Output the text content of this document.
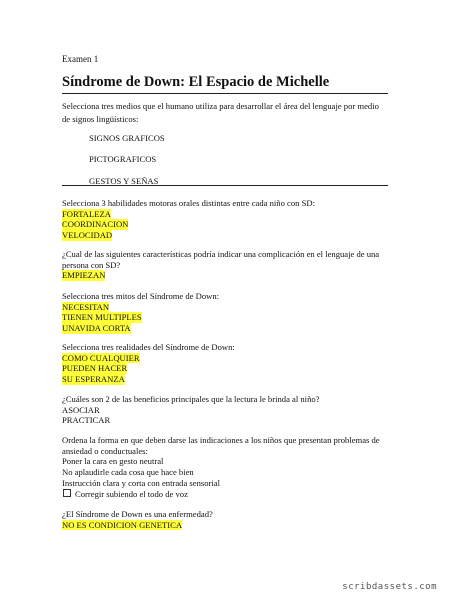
Examen 1
Síndrome de Down: El Espacio de Michelle
Selecciona tres medios que el humano utiliza para desarrollar el área del lenguaje por medio de signos lingüísticos:
SIGNOS GRAFICOS
PICTOGRAFICOS
GESTOS Y SEÑAS
Selecciona 3 habilidades motoras orales distintas entre cada niño con SD:
FORTALEZA
COORDINACION
VELOCIDAD
¿Cual de las siguientes características podría indicar una complicación en el lenguaje de una persona con SD?
EMPIEZAN
Selecciona tres mitos del Síndrome de Down:
NECESITAN
TIENEN MULTIPLES
UNAVIDA CORTA
Selecciona tres realidades del Síndrome de Down:
COMO CUALQUIER
PUEDEN HACER
SU ESPERANZA
¿Cuáles son 2 de las beneficios principales que la lectura le brinda al niño?
ASOCIAR
PRACTICAR
Ordena la forma en que deben darse las indicaciones a los niños que presentan problemas de ansiedad o conductuales:
Poner la cara en gesto neutral
No aplaudirle cada cosa que hace bien
Instrucción clara y corta con entrada sensorial
Corregir subiendo el todo de voz
¿El Síndrome de Down es una enfermedad?
NO ES CONDICION GENETICA
scribdassets.com
